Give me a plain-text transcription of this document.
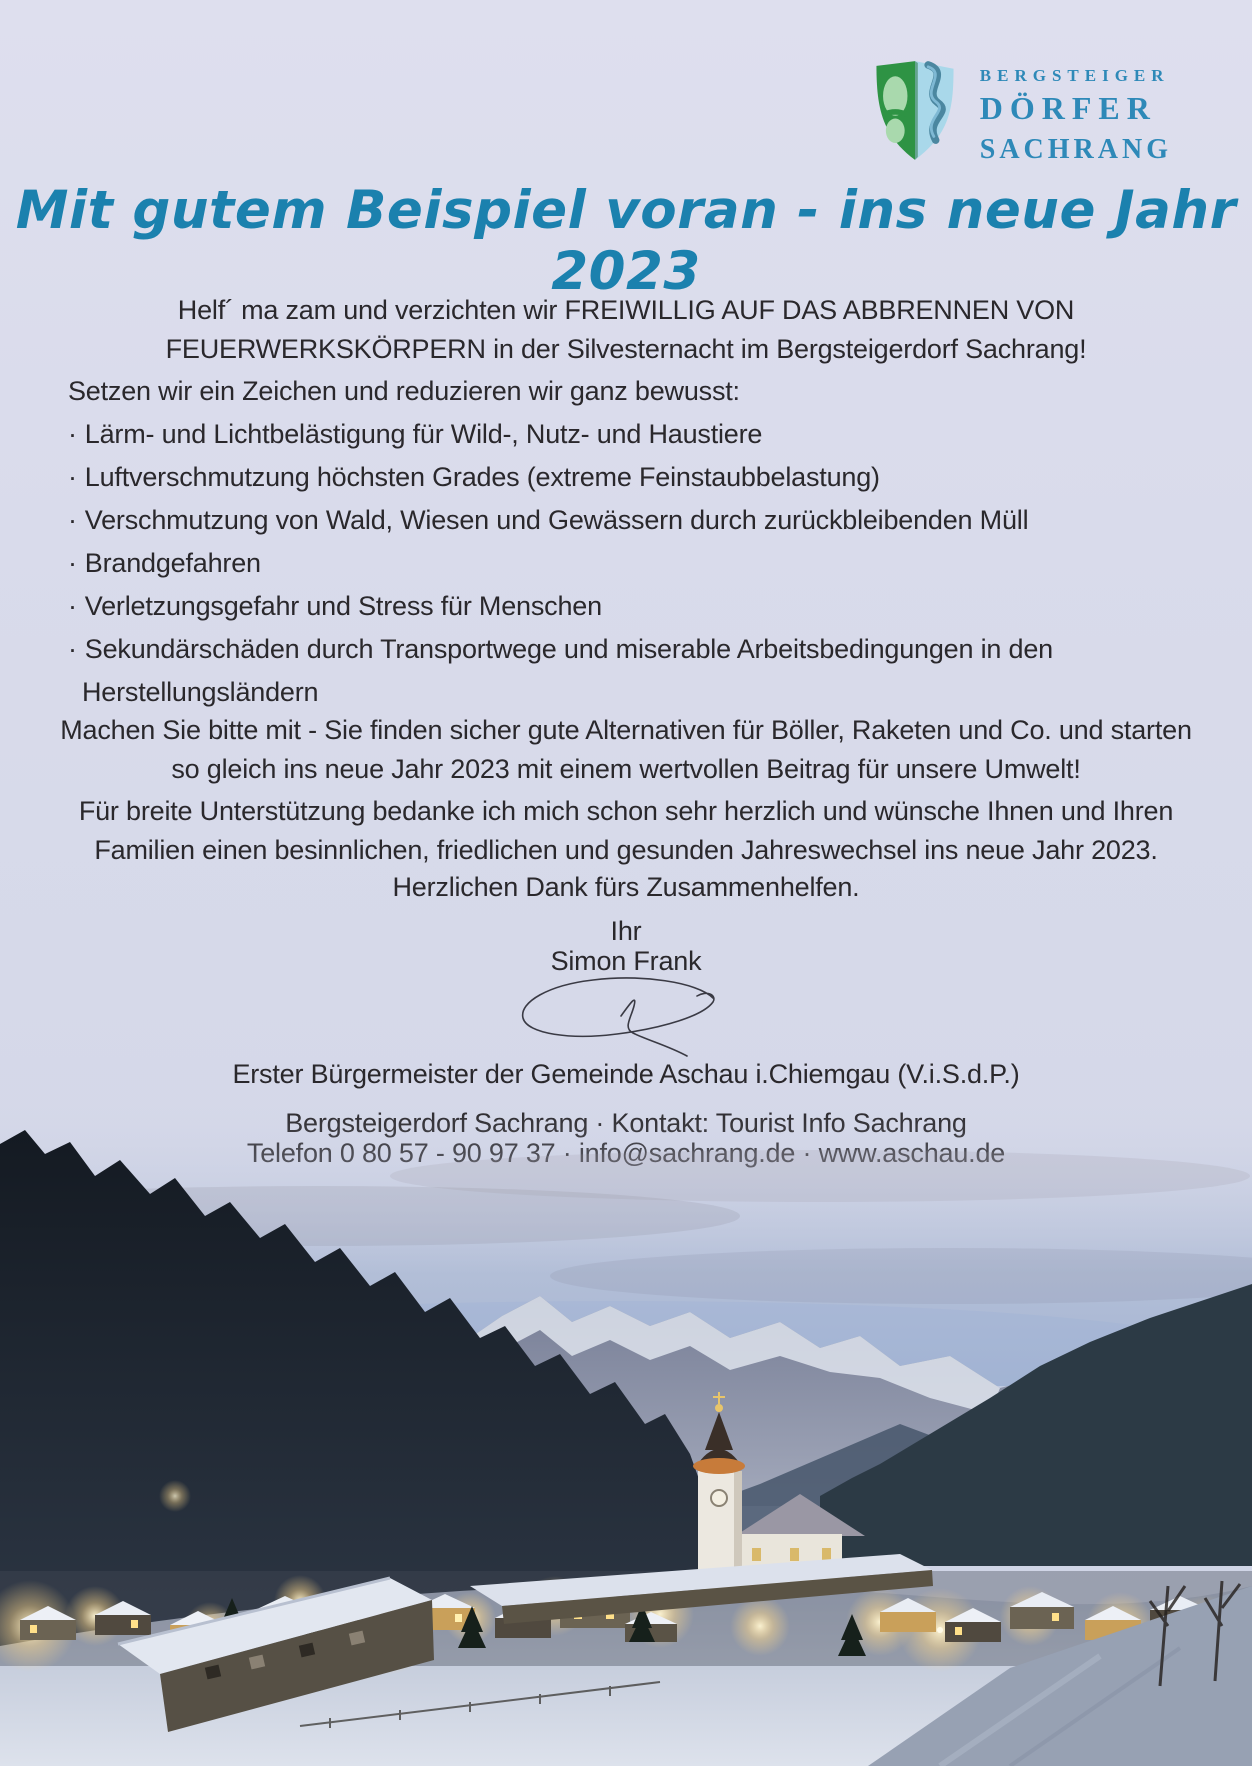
BERGSTEIGER
DÖRFER
SACHRANG
Mit gutem Beispiel voran - ins neue Jahr 2023
Helf´ ma zam und verzichten wir FREIWILLIG AUF DAS ABBRENNEN VON
FEUERWERKSKÖRPERN in der Silvesternacht im Bergsteigerdorf Sachrang!
Setzen wir ein Zeichen und reduzieren wir ganz bewusst:
· Lärm- und Lichtbelästigung für Wild-, Nutz- und Haustiere
· Luftverschmutzung höchsten Grades (extreme Feinstaubbelastung)
· Verschmutzung von Wald, Wiesen und Gewässern durch zurückbleibenden Müll
· Brandgefahren
· Verletzungsgefahr und Stress für Menschen
· Sekundärschäden durch Transportwege und miserable Arbeitsbedingungen in den Herstellungsländern
Machen Sie bitte mit - Sie finden sicher gute Alternativen für Böller, Raketen und Co. und starten
so gleich ins neue Jahr 2023 mit einem wertvollen Beitrag für unsere Umwelt!
Für breite Unterstützung bedanke ich mich schon sehr herzlich und wünsche Ihnen und Ihren
Familien einen besinnlichen, friedlichen und gesunden Jahreswechsel ins neue Jahr 2023.
Herzlichen Dank fürs Zusammenhelfen.
Ihr
Simon Frank
Erster Bürgermeister der Gemeinde Aschau i.Chiemgau (V.i.S.d.P.)
